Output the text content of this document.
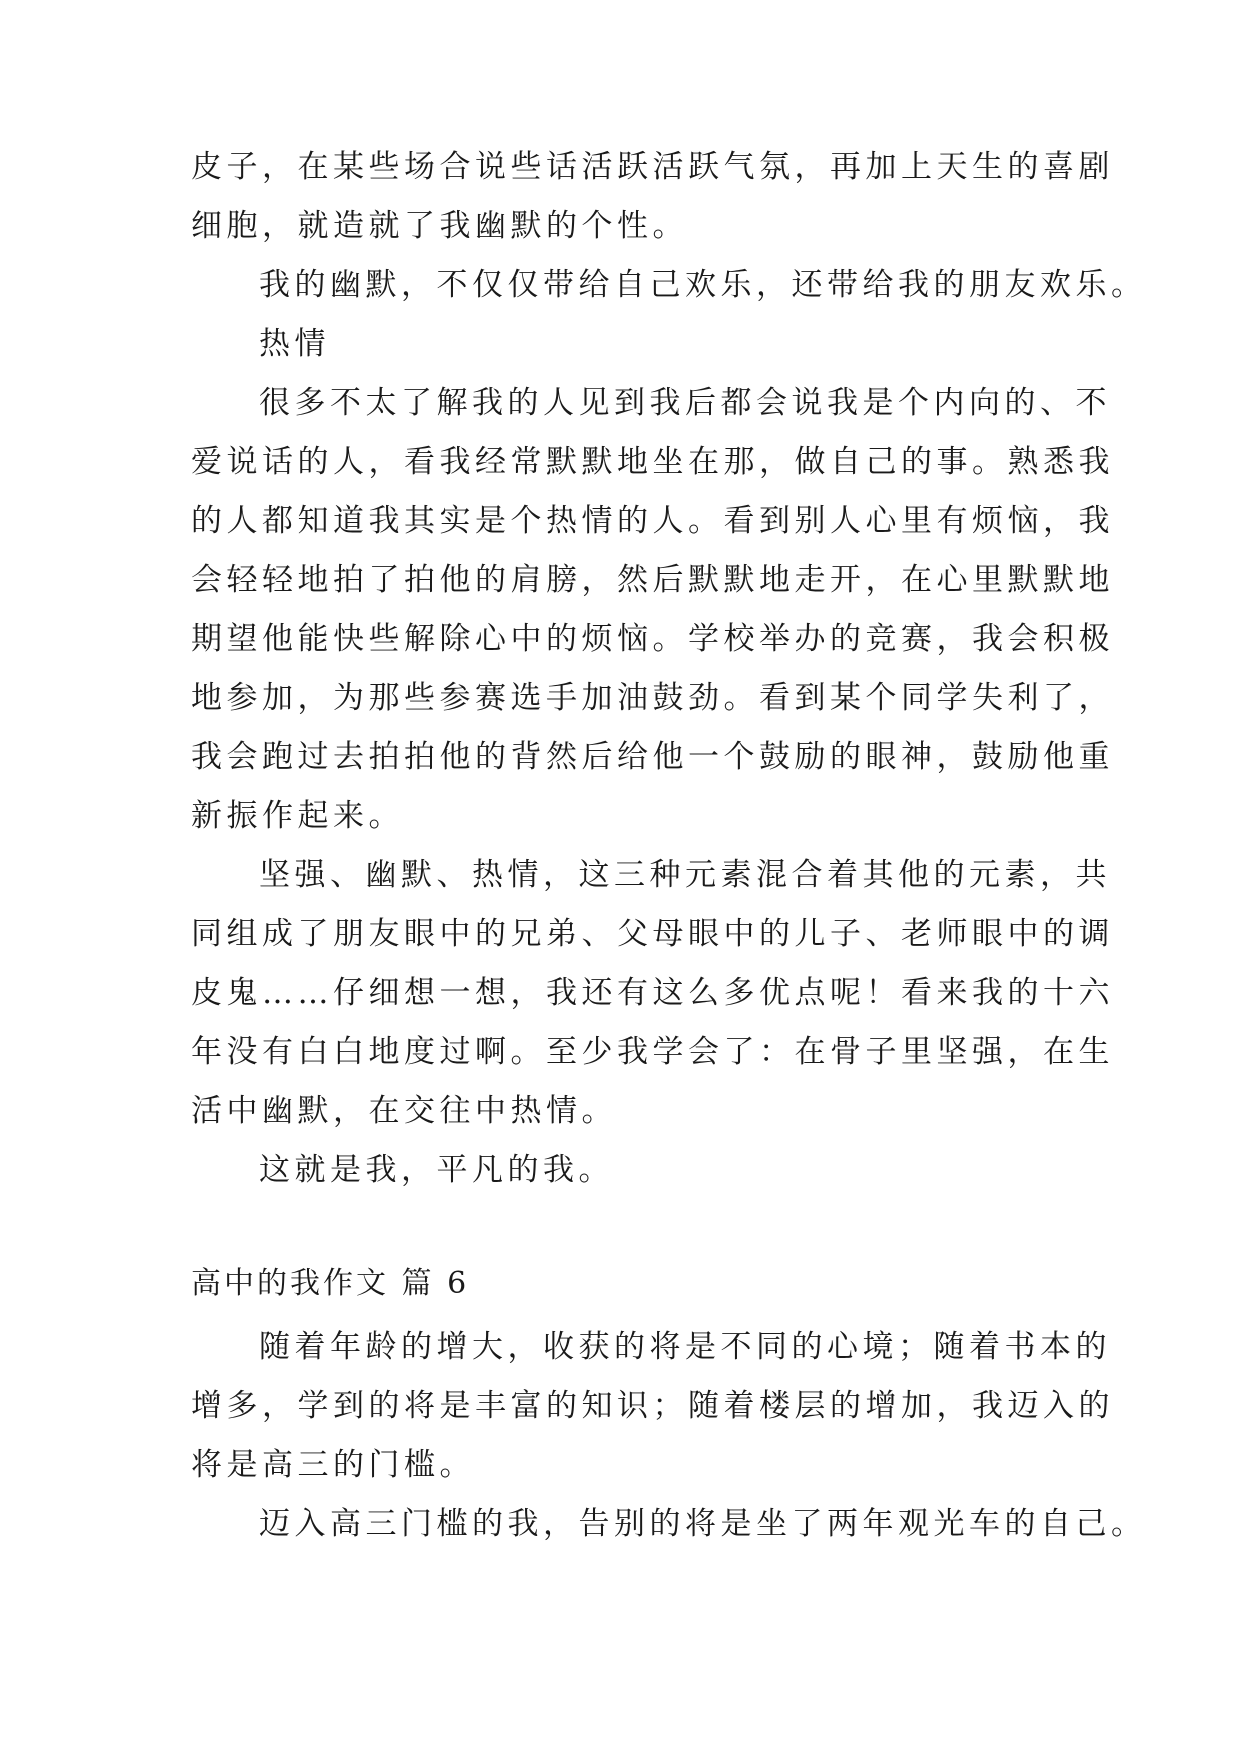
皮子，在某些场合说些话活跃活跃气氛，再加上天生的喜剧
细胞，就造就了我幽默的个性。
我的幽默，不仅仅带给自己欢乐，还带给我的朋友欢乐。
热情
很多不太了解我的人见到我后都会说我是个内向的、不
爱说话的人，看我经常默默地坐在那，做自己的事。熟悉我
的人都知道我其实是个热情的人。看到别人心里有烦恼，我
会轻轻地拍了拍他的肩膀，然后默默地走开，在心里默默地
期望他能快些解除心中的烦恼。学校举办的竞赛，我会积极
地参加，为那些参赛选手加油鼓劲。看到某个同学失利了，
我会跑过去拍拍他的背然后给他一个鼓励的眼神，鼓励他重
新振作起来。
坚强、幽默、热情，这三种元素混合着其他的元素，共
同组成了朋友眼中的兄弟、父母眼中的儿子、老师眼中的调
皮鬼……仔细想一想，我还有这么多优点呢！看来我的十六
年没有白白地度过啊。至少我学会了：在骨子里坚强，在生
活中幽默，在交往中热情。
这就是我，平凡的我。
高中的我作文 篇 6
随着年龄的增大，收获的将是不同的心境；随着书本的
增多，学到的将是丰富的知识；随着楼层的增加，我迈入的
将是高三的门槛。
迈入高三门槛的我，告别的将是坐了两年观光车的自己。
